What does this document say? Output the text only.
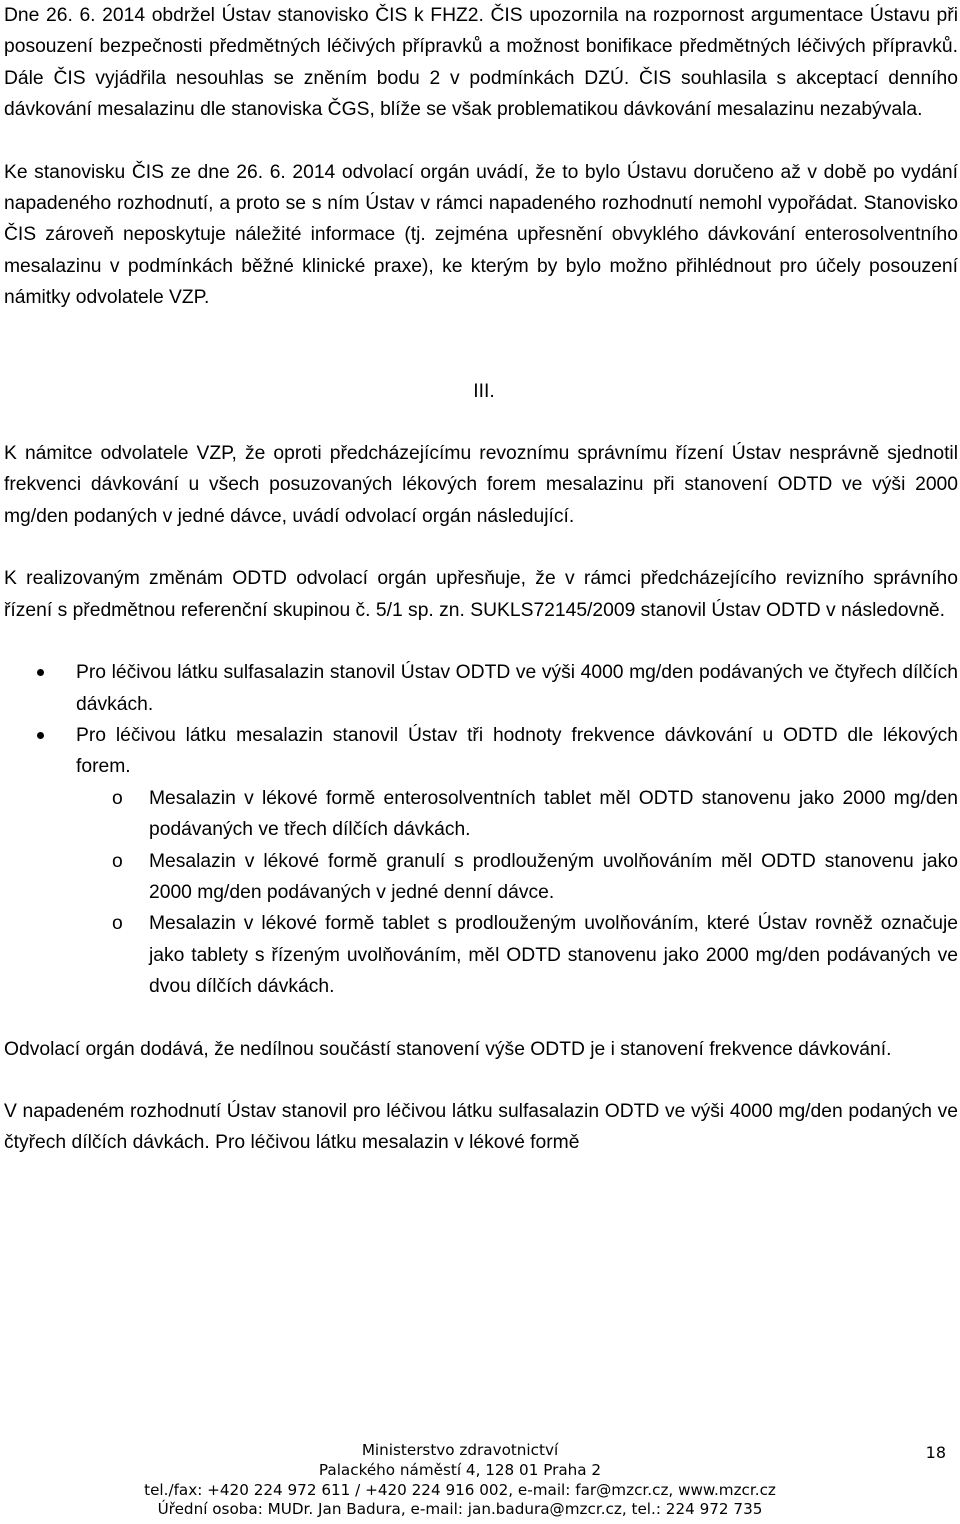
Dne 26. 6. 2014 obdržel Ústav stanovisko ČIS k FHZ2. ČIS upozornila na rozpornost argumentace Ústavu při posouzení bezpečnosti předmětných léčivých přípravků a možnost bonifikace předmětných léčivých přípravků. Dále ČIS vyjádřila nesouhlas se zněním bodu 2 v podmínkách DZÚ. ČIS souhlasila s akceptací denního dávkování mesalazinu dle stanoviska ČGS, blíže se však problematikou dávkování mesalazinu nezabývala.

Ke stanovisku ČIS ze dne 26. 6. 2014 odvolací orgán uvádí, že to bylo Ústavu doručeno až v době po vydání napadeného rozhodnutí, a proto se s ním Ústav v rámci napadeného rozhodnutí nemohl vypořádat. Stanovisko ČIS zároveň neposkytuje náležité informace (tj. zejména upřesnění obvyklého dávkování enterosolventního mesalazinu v podmínkách běžné klinické praxe), ke kterým by bylo možno přihlédnout pro účely posouzení námitky odvolatele VZP.

III.

K námitce odvolatele VZP, že oproti předcházejícímu revoznímu správnímu řízení Ústav nesprávně sjednotil frekvenci dávkování u všech posuzovaných lékových forem mesalazinu při stanovení ODTD ve výši 2000 mg/den podaných v jedné dávce, uvádí odvolací orgán následující.

K realizovaným změnám ODTD odvolací orgán upřesňuje, že v rámci předcházejícího revizního správního řízení s předmětnou referenční skupinou č. 5/1 sp. zn. SUKLS72145/2009 stanovil Ústav ODTD v následovně.

Pro léčivou látku sulfasalazin stanovil Ústav ODTD ve výši 4000 mg/den podávaných ve čtyřech dílčích dávkách.
Pro léčivou látku mesalazin stanovil Ústav tři hodnoty frekvence dávkování u ODTD dle lékových forem.
o Mesalazin v lékové formě enterosolventních tablet měl ODTD stanovenu jako 2000 mg/den podávaných ve třech dílčích dávkách.
o Mesalazin v lékové formě granulí s prodlouženým uvolňováním měl ODTD stanovenu jako 2000 mg/den podávaných v jedné denní dávce.
o Mesalazin v lékové formě tablet s prodlouženým uvolňováním, které Ústav rovněž označuje jako tablety s řízeným uvolňováním, měl ODTD stanovenu jako 2000 mg/den podávaných ve dvou dílčích dávkách.

Odvolací orgán dodává, že nedílnou součástí stanovení výše ODTD je i stanovení frekvence dávkování.

V napadeném rozhodnutí Ústav stanovil pro léčivou látku sulfasalazin ODTD ve výši 4000 mg/den podaných ve čtyřech dílčích dávkách. Pro léčivou látku mesalazin v lékové formě

Ministerstvo zdravotnictví
Palackého náměstí 4, 128 01 Praha 2
tel./fax: +420 224 972 611 / +420 224 916 002, e-mail: far@mzcr.cz, www.mzcr.cz
Úřední osoba: MUDr. Jan Badura, e-mail: jan.badura@mzcr.cz, tel.: 224 972 735
18
